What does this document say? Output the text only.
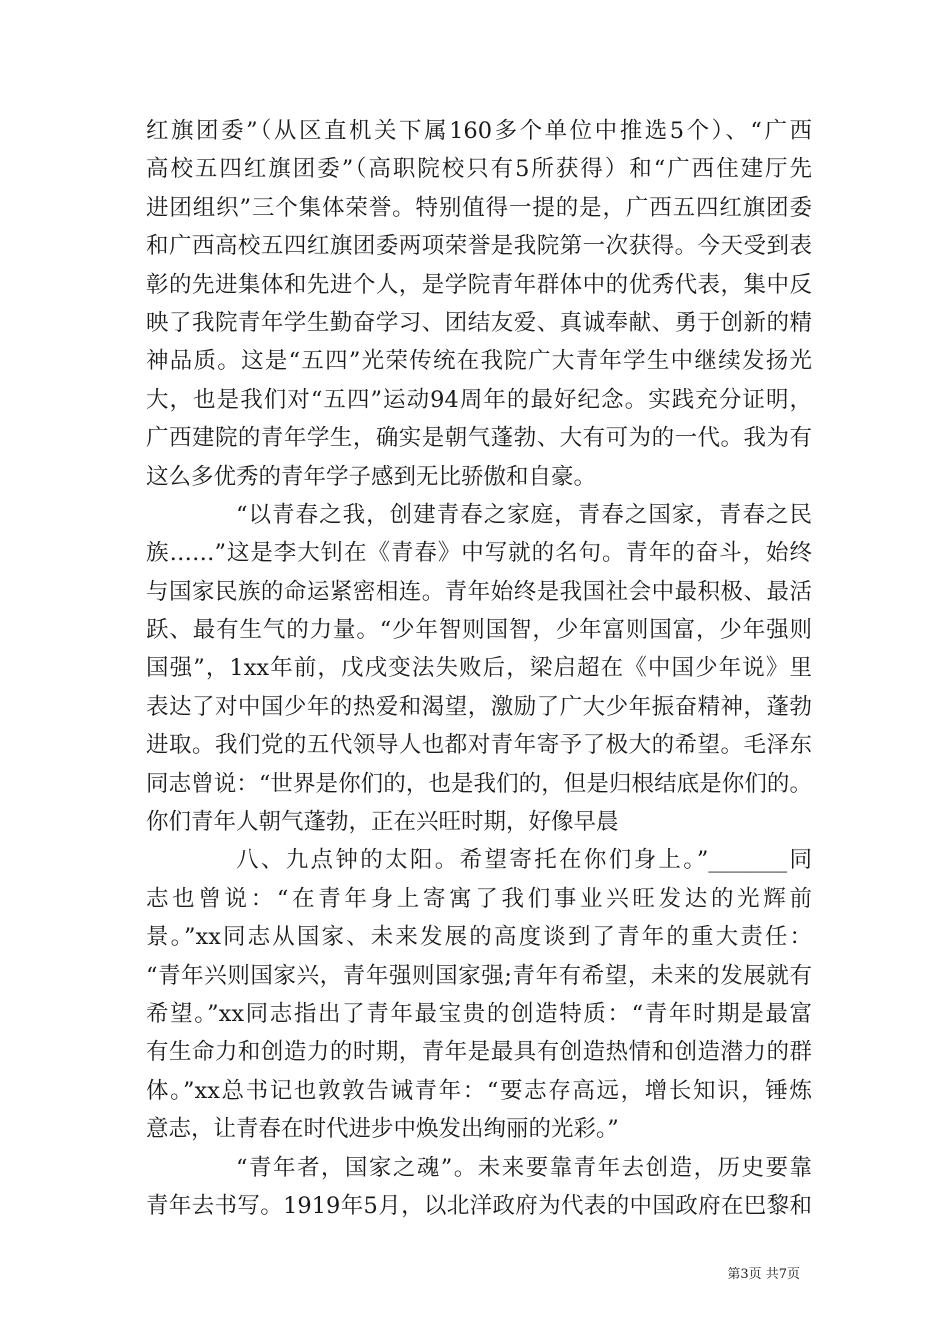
红旗团委”（从区直机关下属160多个单位中推选5个）、“广西
高校五四红旗团委”（高职院校只有5所获得）和“广西住建厅先
进团组织”三个集体荣誉。特别值得一提的是，广西五四红旗团委
和广西高校五四红旗团委两项荣誉是我院第一次获得。今天受到表
彰的先进集体和先进个人，是学院青年群体中的优秀代表，集中反
映了我院青年学生勤奋学习、团结友爱、真诚奉献、勇于创新的精
神品质。这是“五四”光荣传统在我院广大青年学生中继续发扬光
大，也是我们对“五四”运动94周年的最好纪念。实践充分证明，
广西建院的青年学生，确实是朝气蓬勃、大有可为的一代。我为有
这么多优秀的青年学子感到无比骄傲和自豪。
“以青春之我，创建青春之家庭，青春之国家，青春之民
族……”这是李大钊在《青春》中写就的名句。青年的奋斗，始终
与国家民族的命运紧密相连。青年始终是我国社会中最积极、最活
跃、最有生气的力量。“少年智则国智，少年富则国富，少年强则
国强”，1xx年前，戊戌变法失败后，梁启超在《中国少年说》里
表达了对中国少年的热爱和渴望，激励了广大少年振奋精神，蓬勃
进取。我们党的五代领导人也都对青年寄予了极大的希望。毛泽东
同志曾说：“世界是你们的，也是我们的，但是归根结底是你们的。
你们青年人朝气蓬勃，正在兴旺时期，好像早晨
八、九点钟的太阳。希望寄托在你们身上。”_______同
志也曾说：“在青年身上寄寓了我们事业兴旺发达的光辉前
景。”xx同志从国家、未来发展的高度谈到了青年的重大责任：
“青年兴则国家兴，青年强则国家强;青年有希望，未来的发展就有
希望。”xx同志指出了青年最宝贵的创造特质：“青年时期是最富
有生命力和创造力的时期，青年是最具有创造热情和创造潜力的群
体。”xx总书记也敦敦告诫青年：“要志存高远，增长知识，锤炼
意志，让青春在时代进步中焕发出绚丽的光彩。”
“青年者，国家之魂”。未来要靠青年去创造，历史要靠
青年去书写。1919年5月，以北洋政府为代表的中国政府在巴黎和
第3页 共7页
